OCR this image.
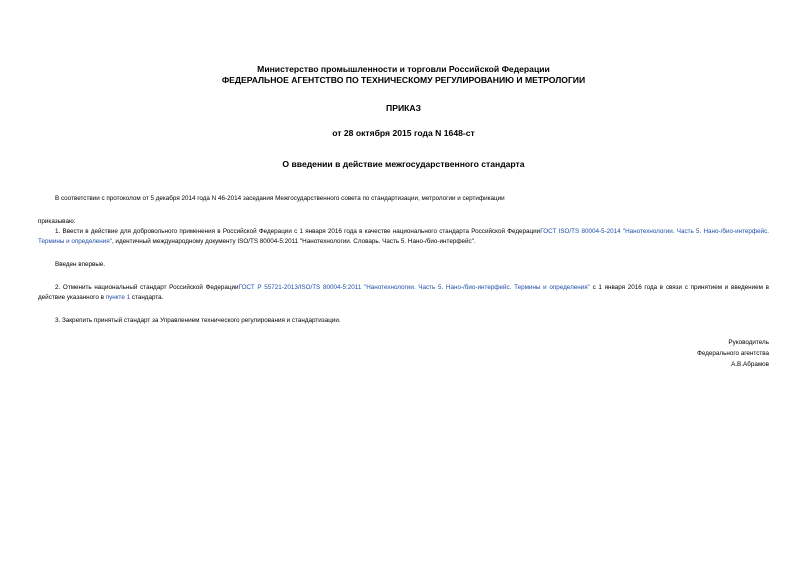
Министерство промышленности и торговли Российской Федерации
ФЕДЕРАЛЬНОЕ АГЕНТСТВО ПО ТЕХНИЧЕСКОМУ РЕГУЛИРОВАНИЮ И МЕТРОЛОГИИ
ПРИКАЗ
от 28 октября 2015 года N 1648-ст
О введении в действие межгосударственного стандарта

В соответствии с протоколом от 5 декабря 2014 года N 46-2014 заседания Межгосударственного совета по стандартизации, метрологии и сертификации

приказываю:

1. Ввести в действие для добровольного применения в Российской Федерации с 1 января 2016 года в качестве национального стандарта Российской ФедерацииГОСТ ISO/TS 80004-5-2014 "Нанотехнологии. Часть 5. Нано-/био-интерфейс. Термины и определения", идентичный международному документу ISO/TS 80004-5:2011 "Нанотехнологии. Словарь. Часть 5. Нано-/био-интерфейс".

Введен впервые.

2. Отменить национальный стандарт Российской ФедерацииГОСТ Р 55721-2013/ISO/TS 80004-5:2011 "Нанотехнологии. Часть 5. Нано-/био-интерфейс. Термины и определения" с 1 января 2016 года в связи с принятием и введением в действие указанного в пункте 1 стандарта.

3. Закрепить принятый стандарт за Управлением технического регулирования и стандартизации.

Руководитель
Федерального агентства
А.В.Абрамов
